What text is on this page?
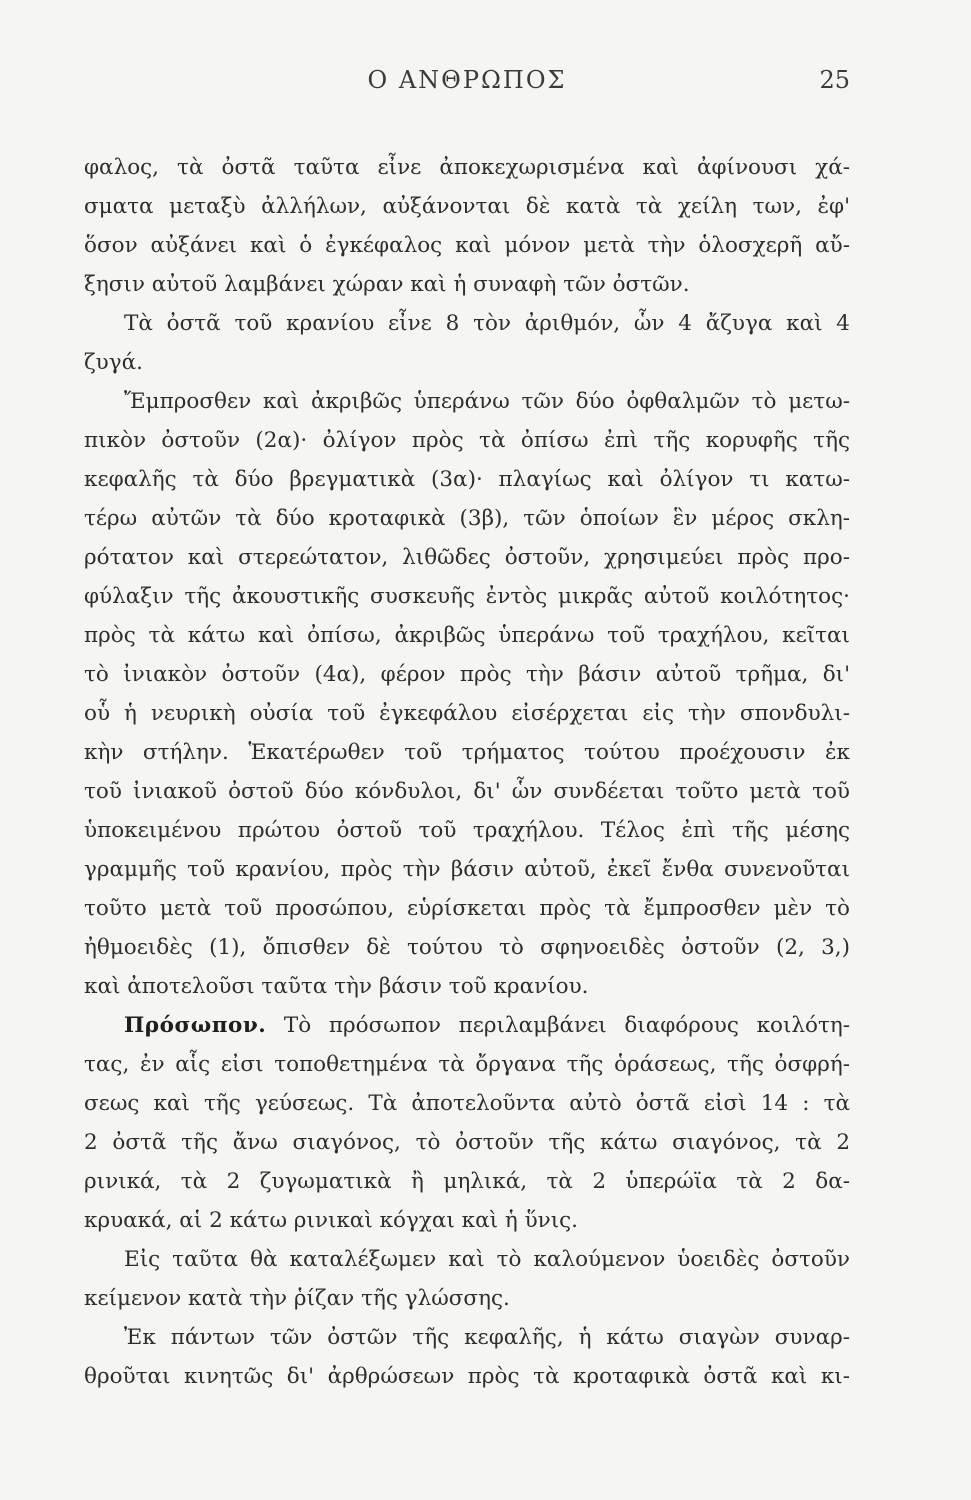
Ο ΑΝΘΡΩΠΟΣ	25
φαλος, τὰ ὀστᾶ ταῦτα εἶνε ἀποκεχωρισμένα καὶ ἀφίνουσι χά-
σματα μεταξὺ ἀλλήλων, αὐξάνονται δὲ κατὰ τὰ χείλη των, ἐφ'
ὅσον αὐξάνει καὶ ὁ ἐγκέφαλος καὶ μόνον μετὰ τὴν ὁλοσχερῆ αὔ-
ξησιν αὐτοῦ λαμβάνει χώραν καὶ ἡ συναφὴ τῶν ὀστῶν.
Τὰ ὀστᾶ τοῦ κρανίου εἶνε 8 τὸν ἀριθμόν, ὧν 4 ἄζυγα καὶ 4
ζυγά.
Ἔμπροσθεν καὶ ἀκριβῶς ὑπεράνω τῶν δύο ὀφθαλμῶν τὸ μετω-
πικὸν ὀστοῦν (2α)· ὀλίγον πρὸς τὰ ὀπίσω ἐπὶ τῆς κορυφῆς τῆς
κεφαλῆς τὰ δύο βρεγματικὰ (3α)· πλαγίως καὶ ὀλίγον τι κατω-
τέρω αὐτῶν τὰ δύο κροταφικὰ (3β), τῶν ὁποίων ἓν μέρος σκλη-
ρότατον καὶ στερεώτατον, λιθῶδες ὀστοῦν, χρησιμεύει πρὸς προ-
φύλαξιν τῆς ἀκουστικῆς συσκευῆς ἐντὸς μικρᾶς αὐτοῦ κοιλότητος·
πρὸς τὰ κάτω καὶ ὀπίσω, ἀκριβῶς ὑπεράνω τοῦ τραχήλου, κεῖται
τὸ ἰνιακὸν ὀστοῦν (4α), φέρον πρὸς τὴν βάσιν αὐτοῦ τρῆμα, δι'
οὗ ἡ νευρικὴ οὐσία τοῦ ἐγκεφάλου εἰσέρχεται εἰς τὴν σπονδυλι-
κὴν στήλην. Ἑκατέρωθεν τοῦ τρήματος τούτου προέχουσιν ἐκ
τοῦ ἰνιακοῦ ὀστοῦ δύο κόνδυλοι, δι' ὧν συνδέεται τοῦτο μετὰ τοῦ
ὑποκειμένου πρώτου ὀστοῦ τοῦ τραχήλου. Τέλος ἐπὶ τῆς μέσης
γραμμῆς τοῦ κρανίου, πρὸς τὴν βάσιν αὐτοῦ, ἐκεῖ ἔνθα συνενοῦται
τοῦτο μετὰ τοῦ προσώπου, εὑρίσκεται πρὸς τὰ ἔμπροσθεν μὲν τὸ
ἠθμοειδὲς (1), ὄπισθεν δὲ τούτου τὸ σφηνοειδὲς ὀστοῦν (2, 3,)
καὶ ἀποτελοῦσι ταῦτα τὴν βάσιν τοῦ κρανίου.
Πρόσωπον. Τὸ πρόσωπον περιλαμβάνει διαφόρους κοιλότη-
τας, ἐν αἷς εἰσι τοποθετημένα τὰ ὄργανα τῆς ὁράσεως, τῆς ὀσφρή-
σεως καὶ τῆς γεύσεως. Τὰ ἀποτελοῦντα αὐτὸ ὀστᾶ εἰσὶ 14 : τὰ
2 ὀστᾶ τῆς ἄνω σιαγόνος, τὸ ὀστοῦν τῆς κάτω σιαγόνος, τὰ 2
ρινικά, τὰ 2 ζυγωματικὰ ἢ μηλικά, τὰ 2 ὑπερώϊα τὰ 2 δα-
κρυακά, αἱ 2 κάτω ρινικαὶ κόγχαι καὶ ἡ ὕνις.
Εἰς ταῦτα θὰ καταλέξωμεν καὶ τὸ καλούμενον ὑοειδὲς ὀστοῦν
κείμενον κατὰ τὴν ῥίζαν τῆς γλώσσης.
Ἐκ πάντων τῶν ὀστῶν τῆς κεφαλῆς, ἡ κάτω σιαγὼν συναρ-
θροῦται κινητῶς δι' ἀρθρώσεων πρὸς τὰ κροταφικὰ ὀστᾶ καὶ κι-
